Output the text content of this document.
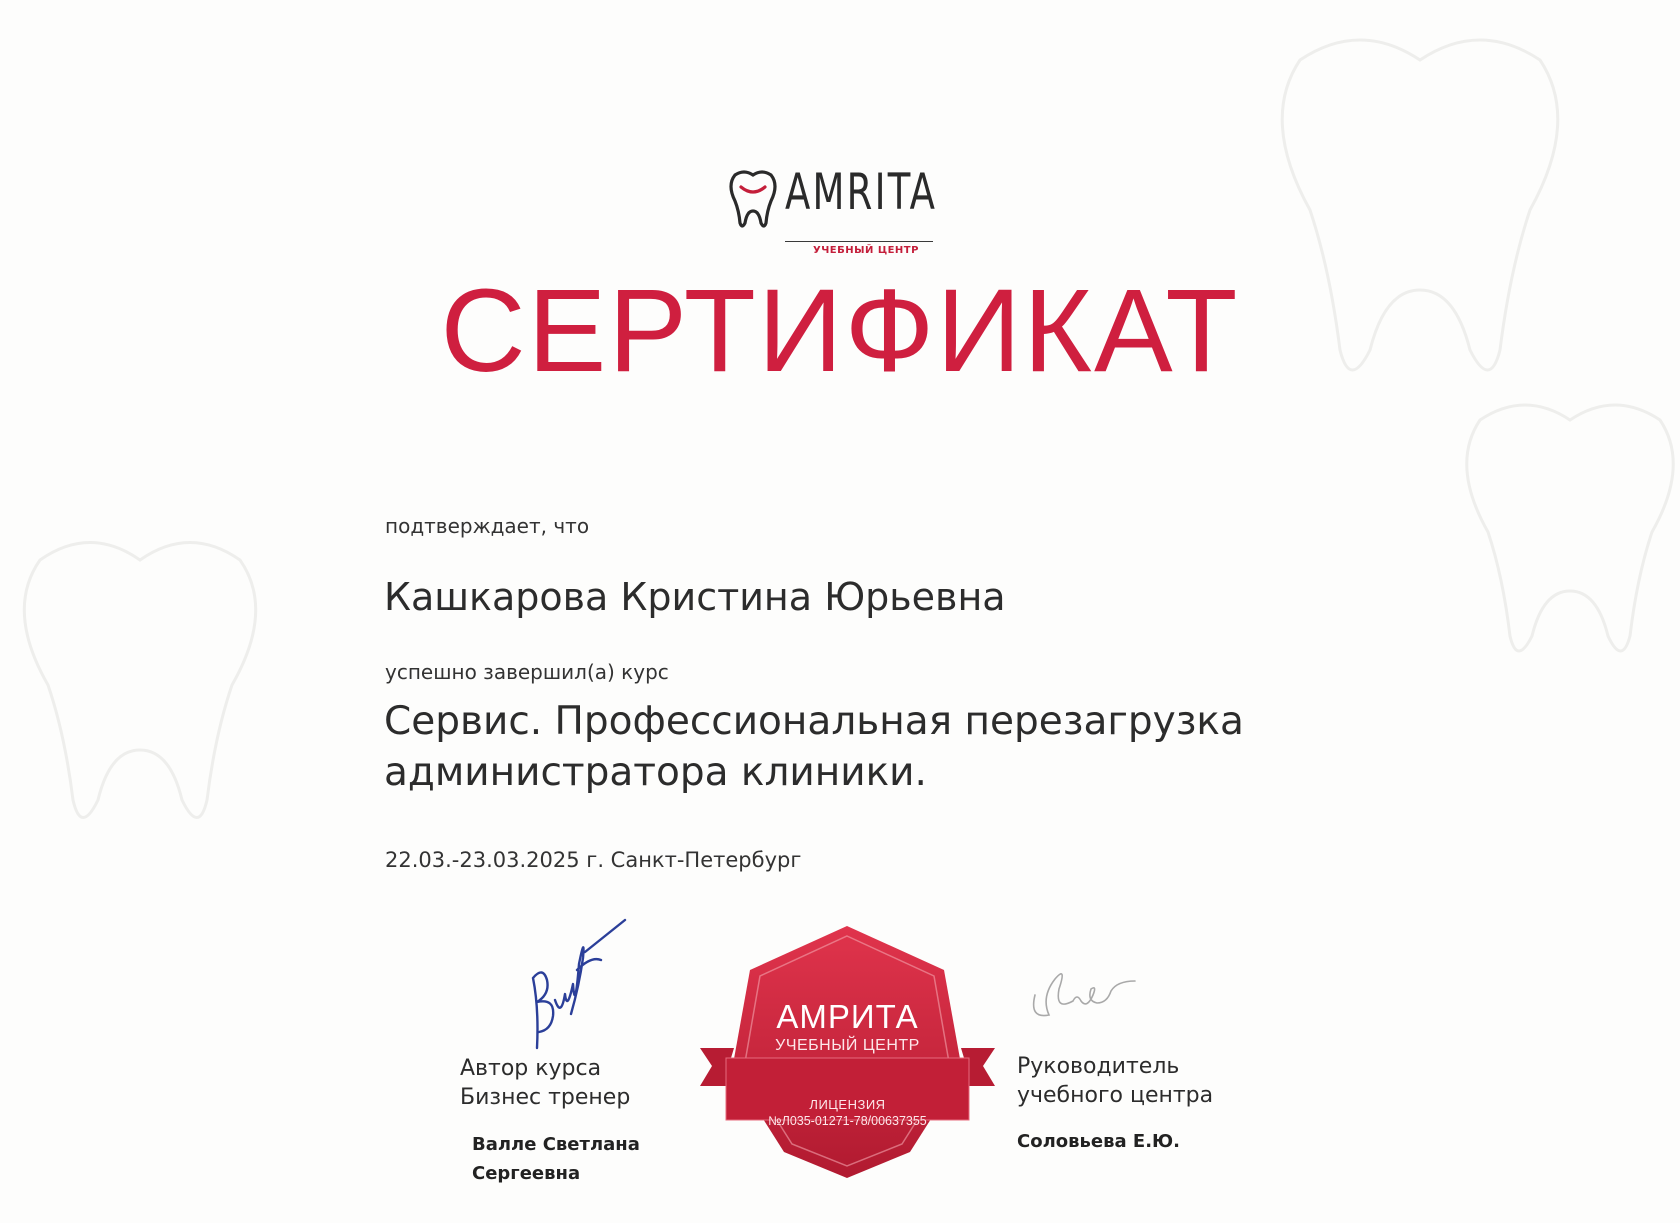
AMRITA
УЧЕБНЫЙ ЦЕНТР
СЕРТИФИКАТ
подтверждает, что
Кашкарова Кристина Юрьевна
успешно завершил(а) курс
Сервис. Профессиональная перезагрузка
администратора клиники.
22.03.-23.03.2025 г. Санкт-Петербург
Автор курса
Бизнес тренер
Валле Светлана
Сергеевна
АМРИТА
УЧЕБНЫЙ ЦЕНТР
ЛИЦЕНЗИЯ
№Л035-01271-78/00637355
Руководитель
учебного центра
Соловьева Е.Ю.
